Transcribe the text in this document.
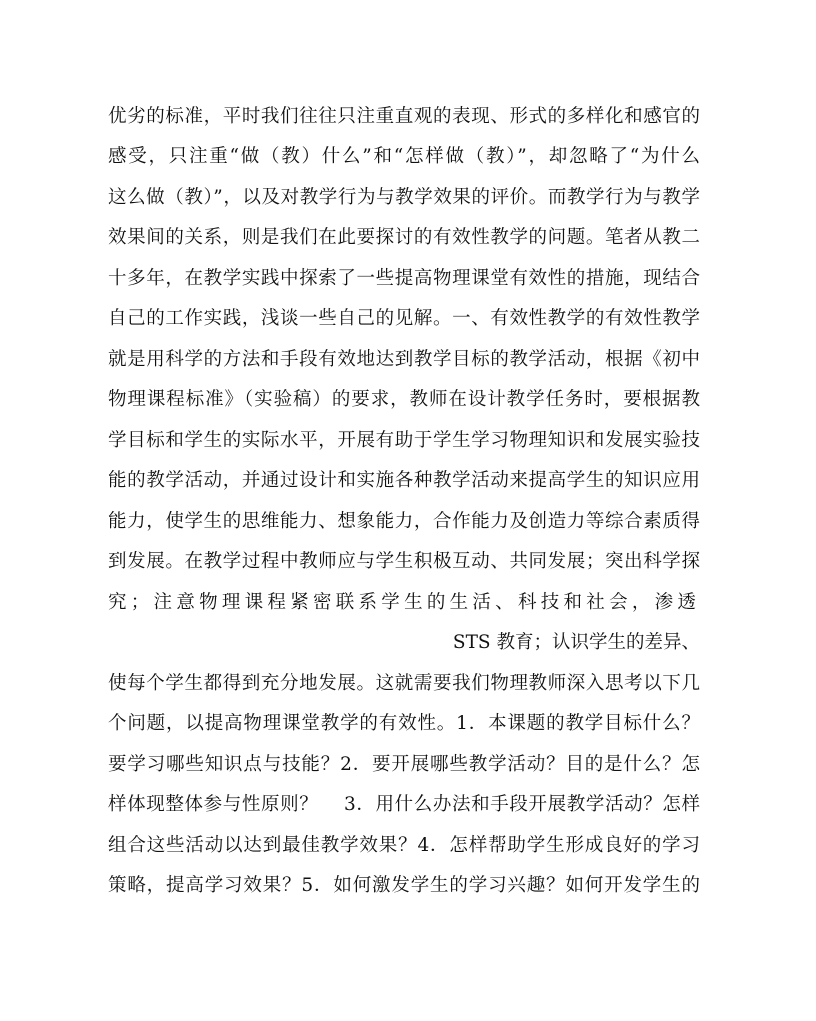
优劣的标准，平时我们往往只注重直观的表现、形式的多样化和感官的
感受，只注重“做（教）什么”和“怎样做（教）”，却忽略了“为什么
这么做（教）”，以及对教学行为与教学效果的评价。而教学行为与教学
效果间的关系，则是我们在此要探讨的有效性教学的问题。笔者从教二
十多年，在教学实践中探索了一些提高物理课堂有效性的措施，现结合
自己的工作实践，浅谈一些自己的见解。一、有效性教学的有效性教学
就是用科学的方法和手段有效地达到教学目标的教学活动，根据《初中
物理课程标准》（实验稿）的要求，教师在设计教学任务时，要根据教
学目标和学生的实际水平，开展有助于学生学习物理知识和发展实验技
能的教学活动，并通过设计和实施各种教学活动来提高学生的知识应用
能力，使学生的思维能力、想象能力，合作能力及创造力等综合素质得
到发展。在教学过程中教师应与学生积极互动、共同发展；突出科学探
究；注意物理课程紧密联系学生的生活、科技和社会，渗透
STS 教育；认识学生的差异、
使每个学生都得到充分地发展。这就需要我们物理教师深入思考以下几
个问题，以提高物理课堂教学的有效性。1．本课题的教学目标什么？
要学习哪些知识点与技能？2．要开展哪些教学活动？目的是什么？怎
样体现整体参与性原则？　 3．用什么办法和手段开展教学活动？怎样
组合这些活动以达到最佳教学效果？4．怎样帮助学生形成良好的学习
策略，提高学习效果？5．如何激发学生的学习兴趣？如何开发学生的
